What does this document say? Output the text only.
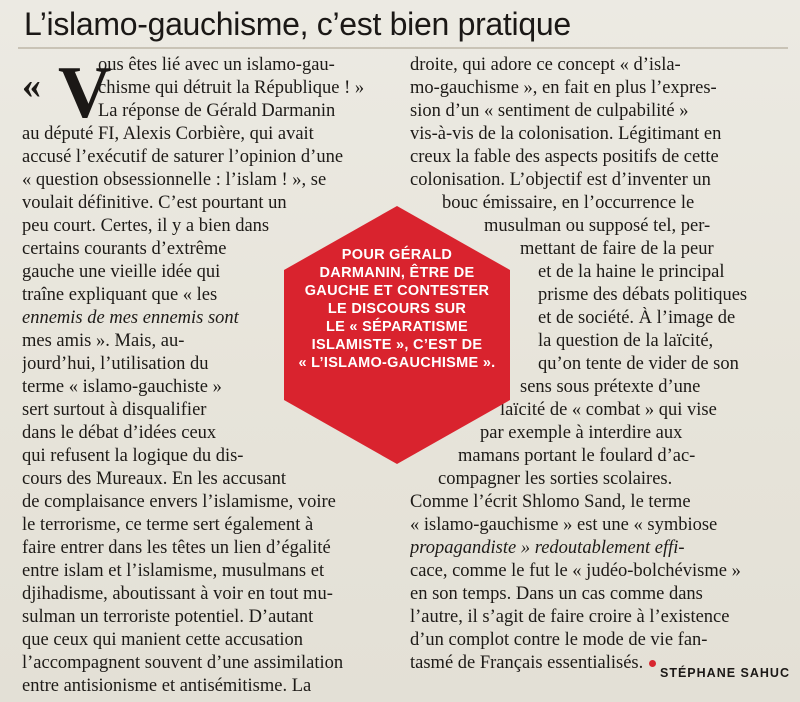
L’islamo-gauchisme, c’est bien pratique
« V
ous êtes lié avec un islamo-gau-
chisme qui détruit la République ! »
La réponse de Gérald Darmanin
au député FI, Alexis Corbière, qui avait
accusé l’exécutif de saturer l’opinion d’une
« question obsessionnelle : l’islam ! », se
voulait définitive. C’est pourtant un
peu court. Certes, il y a bien dans
certains courants d’extrême
gauche une vieille idée qui
traîne expliquant que « les
ennemis de mes ennemis sont
mes amis ». Mais, au-
jourd’hui, l’utilisation du
terme « islamo-gauchiste »
sert surtout à disqualifier
dans le débat d’idées ceux
qui refusent la logique du dis-
cours des Mureaux. En les accusant
de complaisance envers l’islamisme, voire
le terrorisme, ce terme sert également à
faire entrer dans les têtes un lien d’égalité
entre islam et l’islamisme, musulmans et
djihadisme, aboutissant à voir en tout mu-
sulman un terroriste potentiel. D’autant
que ceux qui manient cette accusation
l’accompagnent souvent d’une assimilation
entre antisionisme et antisémitisme. La
droite, qui adore ce concept « d’isla-
mo-gauchisme », en fait en plus l’expres-
sion d’un « sentiment de culpabilité »
vis-à-vis de la colonisation. Légitimant en
creux la fable des aspects positifs de cette
colonisation. L’objectif est d’inventer un
bouc émissaire, en l’occurrence le
musulman ou supposé tel, per-
mettant de faire de la peur
et de la haine le principal
prisme des débats politiques
et de société. À l’image de
la question de la laïcité,
qu’on tente de vider de son
sens sous prétexte d’une
laïcité de « combat » qui vise
par exemple à interdire aux
mamans portant le foulard d’ac-
compagner les sorties scolaires.
Comme l’écrit Shlomo Sand, le terme
« islamo-gauchisme » est une « symbiose
propagandiste » redoutablement effi-
cace, comme le fut le « judéo-bolchévisme »
en son temps. Dans un cas comme dans
l’autre, il s’agit de faire croire à l’existence
d’un complot contre le mode de vie fan-
tasmé de Français essentialisés.
POUR GÉRALD
DARMANIN, ÊTRE DE
GAUCHE ET CONTESTER
LE DISCOURS SUR
LE « SÉPARATISME
ISLAMISTE », C’EST DE
« L’ISLAMO-GAUCHISME ».
STÉPHANE SAHUC
